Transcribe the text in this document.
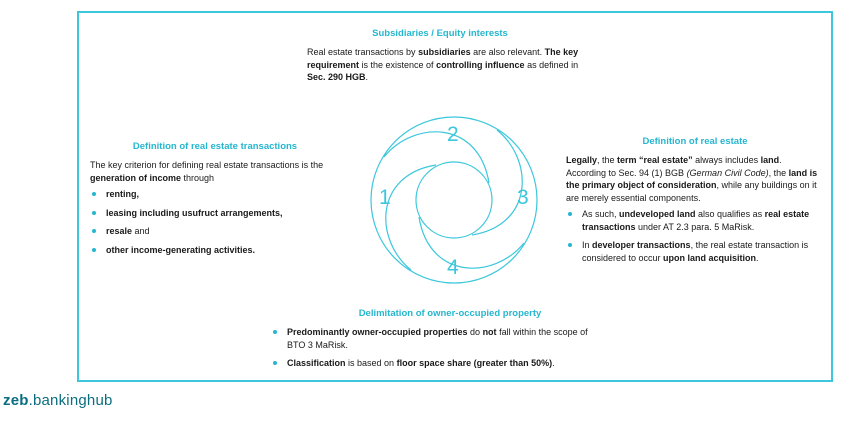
Subsidiaries / Equity interests
Real estate transactions by subsidiaries are also relevant. The key requirement is the existence of controlling influence as defined in Sec. 290 HGB.
Definition of real estate transactions

The key criterion for defining real estate transactions is the generation of income through

renting,
leasing including usufruct arrangements,
resale and
other income-generating activities.
Definition of real estate

Legally, the term “real estate” always includes land. According to Sec. 94 (1) BGB (German Civil Code), the land is the primary object of consideration, while any buildings on it are merely essential components.

As such, undeveloped land also qualifies as real estate transactions under AT 2.3 para. 5 MaRisk.
In developer transactions, the real estate transaction is considered to occur upon land acquisition.
Delimitation of owner-occupied property
Predominantly owner-occupied properties do not fall within the scope of BTO 3 MaRisk.
Classification is based on floor space share (greater than 50%).
1
2
3
4
zeb.bankinghub
